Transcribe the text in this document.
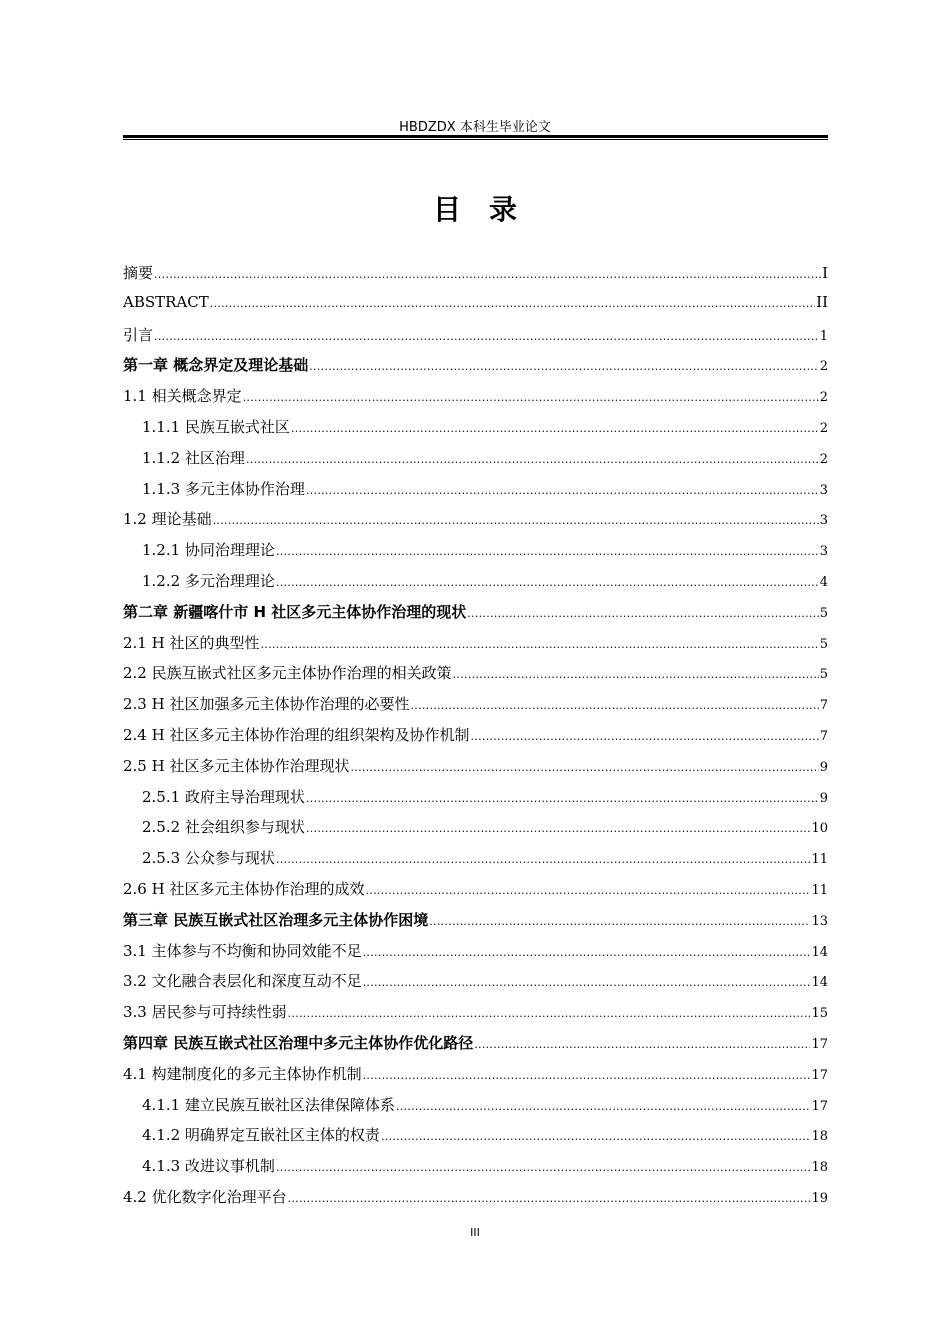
HBDZDX 本科生毕业论文
目录
摘要 .....	I
ABSTRACT .....	II
引言 .....	1
第一章 概念界定及理论基础 .....	2
1.1 相关概念界定 .....	2
1.1.1 民族互嵌式社区 .....	2
1.1.2 社区治理 .....	2
1.1.3 多元主体协作治理 .....	3
1.2 理论基础 .....	3
1.2.1 协同治理理论 .....	3
1.2.2 多元治理理论 .....	4
第二章 新疆喀什市 H 社区多元主体协作治理的现状 .....	5
2.1 H 社区的典型性 .....	5
2.2 民族互嵌式社区多元主体协作治理的相关政策 .....	5
2.3 H 社区加强多元主体协作治理的必要性 .....	7
2.4 H 社区多元主体协作治理的组织架构及协作机制 .....	7
2.5 H 社区多元主体协作治理现状 .....	9
2.5.1 政府主导治理现状 .....	9
2.5.2 社会组织参与现状 .....	10
2.5.3 公众参与现状 .....	11
2.6 H 社区多元主体协作治理的成效 .....	11
第三章 民族互嵌式社区治理多元主体协作困境 .....	13
3.1 主体参与不均衡和协同效能不足 .....	14
3.2 文化融合表层化和深度互动不足 .....	14
3.3 居民参与可持续性弱 .....	15
第四章 民族互嵌式社区治理中多元主体协作优化路径 .....	17
4.1 构建制度化的多元主体协作机制 .....	17
4.1.1 建立民族互嵌社区法律保障体系 .....	17
4.1.2 明确界定互嵌社区主体的权责 .....	18
4.1.3 改进议事机制 .....	18
4.2 优化数字化治理平台 .....	19
III
